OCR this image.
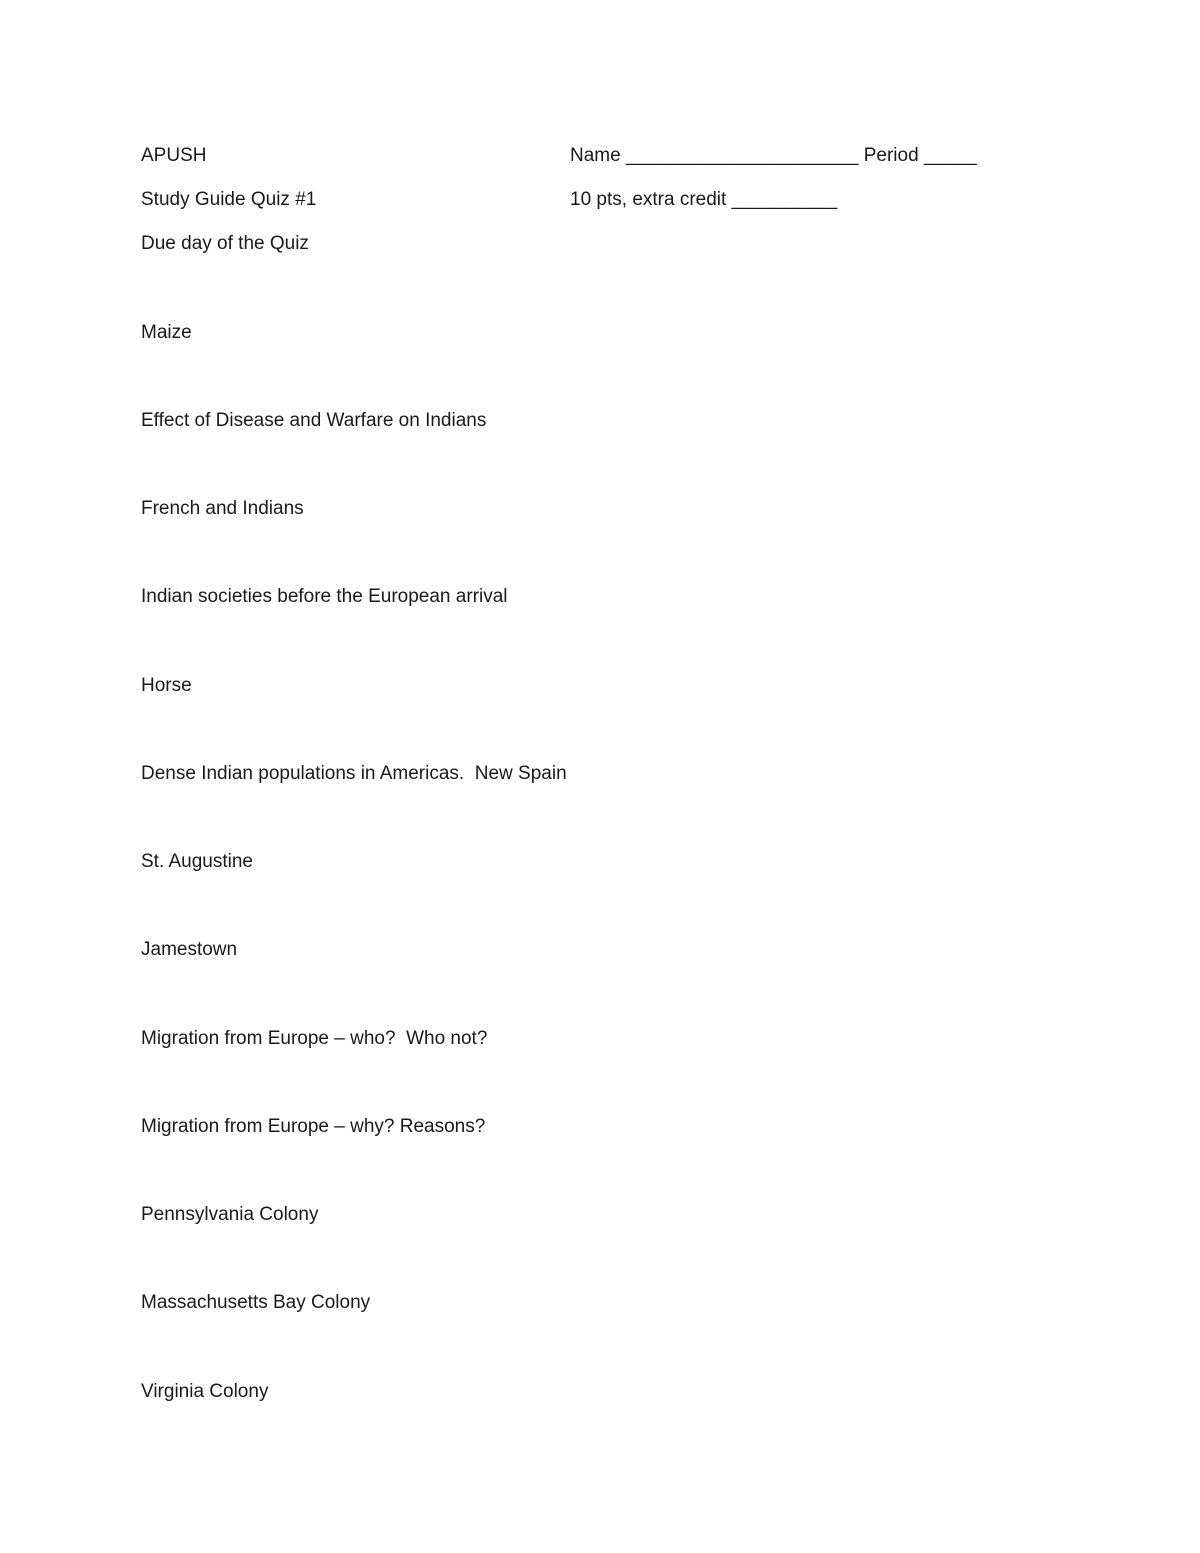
APUSH	Name ______________________ Period _____
Study Guide Quiz #1	10 pts, extra credit __________
Due day of the Quiz
Maize
Effect of Disease and Warfare on Indians
French and Indians
Indian societies before the European arrival
Horse
Dense Indian populations in Americas.  New Spain
St. Augustine
Jamestown
Migration from Europe – who?  Who not?
Migration from Europe – why? Reasons?
Pennsylvania Colony
Massachusetts Bay Colony
Virginia Colony
